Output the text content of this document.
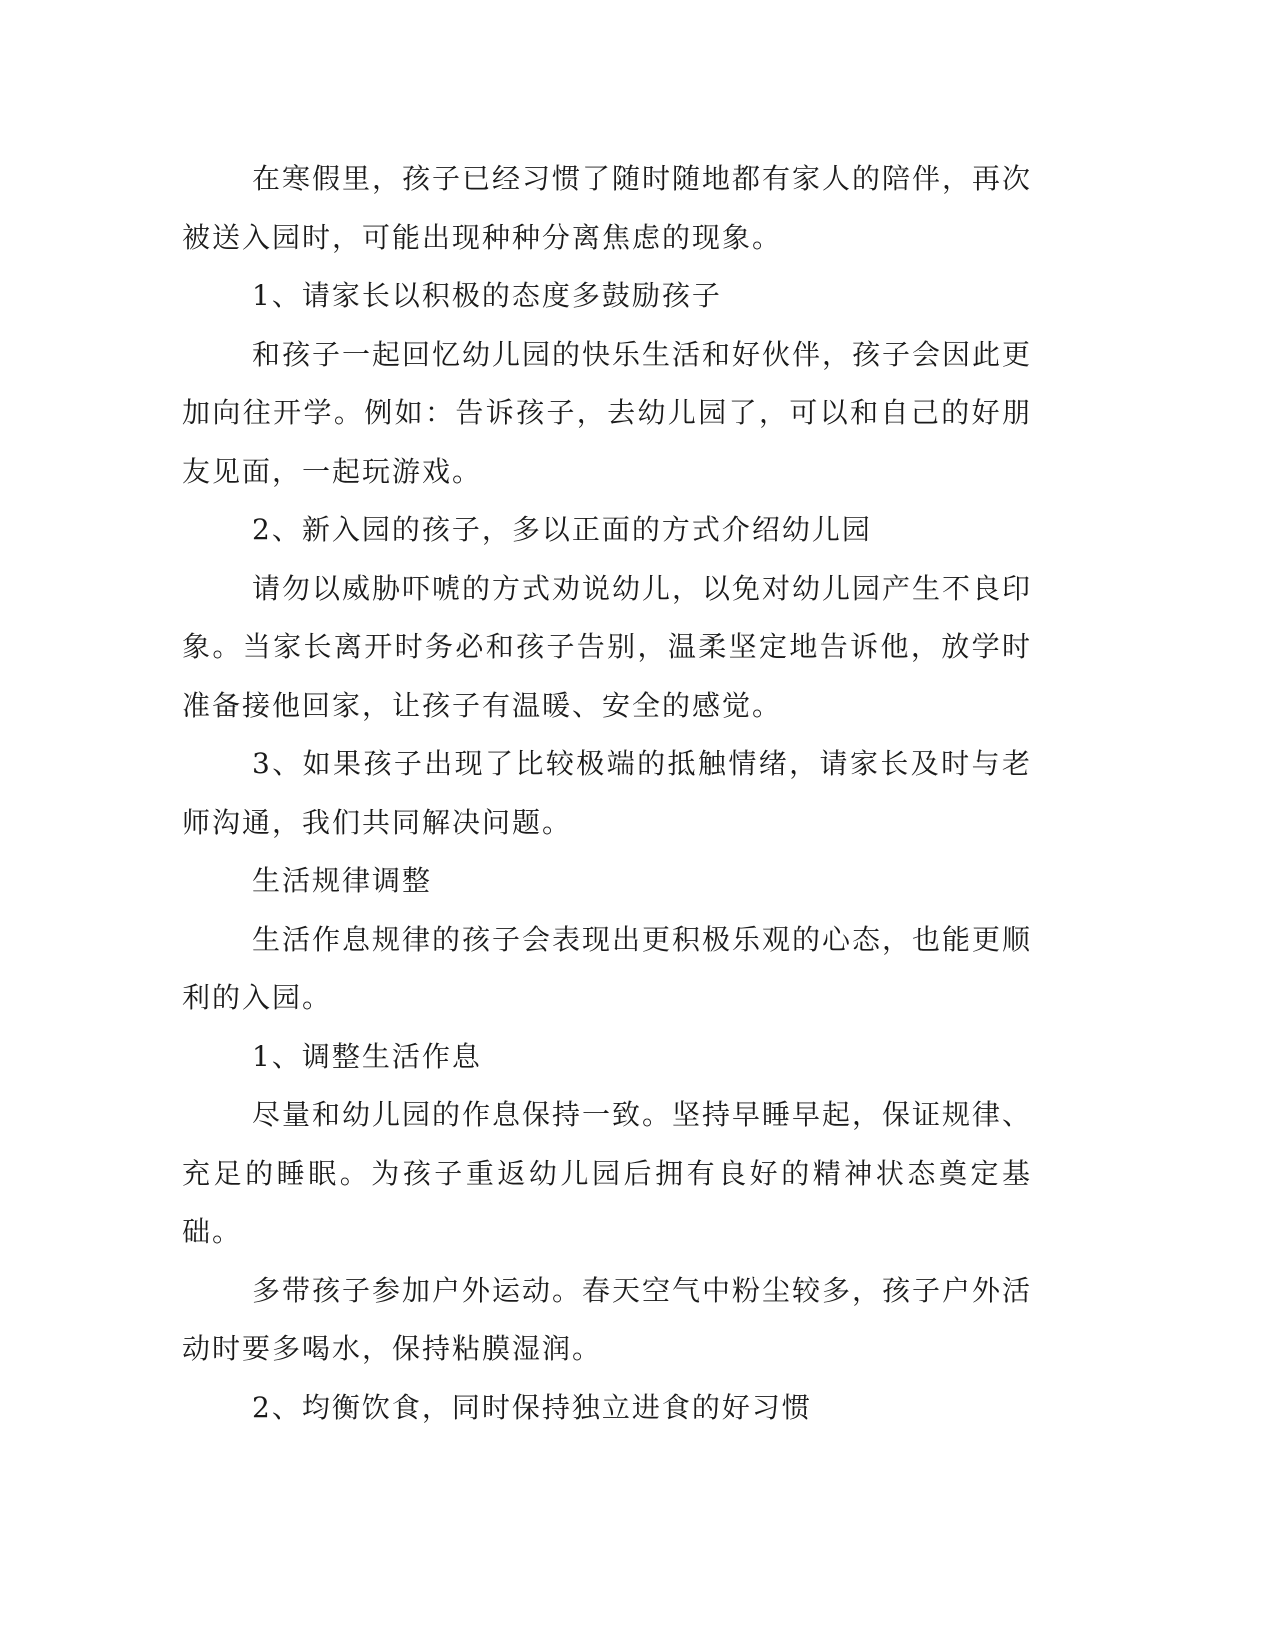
在寒假里，孩子已经习惯了随时随地都有家人的陪伴，再次被送入园时，可能出现种种分离焦虑的现象。

1、请家长以积极的态度多鼓励孩子

和孩子一起回忆幼儿园的快乐生活和好伙伴，孩子会因此更加向往开学。例如：告诉孩子，去幼儿园了，可以和自己的好朋友见面，一起玩游戏。

2、新入园的孩子，多以正面的方式介绍幼儿园

请勿以威胁吓唬的方式劝说幼儿，以免对幼儿园产生不良印象。当家长离开时务必和孩子告别，温柔坚定地告诉他，放学时准备接他回家，让孩子有温暖、安全的感觉。

3、如果孩子出现了比较极端的抵触情绪，请家长及时与老师沟通，我们共同解决问题。

生活规律调整

生活作息规律的孩子会表现出更积极乐观的心态，也能更顺利的入园。

1、调整生活作息

尽量和幼儿园的作息保持一致。坚持早睡早起，保证规律、充足的睡眠。为孩子重返幼儿园后拥有良好的精神状态奠定基础。

多带孩子参加户外运动。春天空气中粉尘较多，孩子户外活动时要多喝水，保持粘膜湿润。

2、均衡饮食，同时保持独立进食的好习惯
